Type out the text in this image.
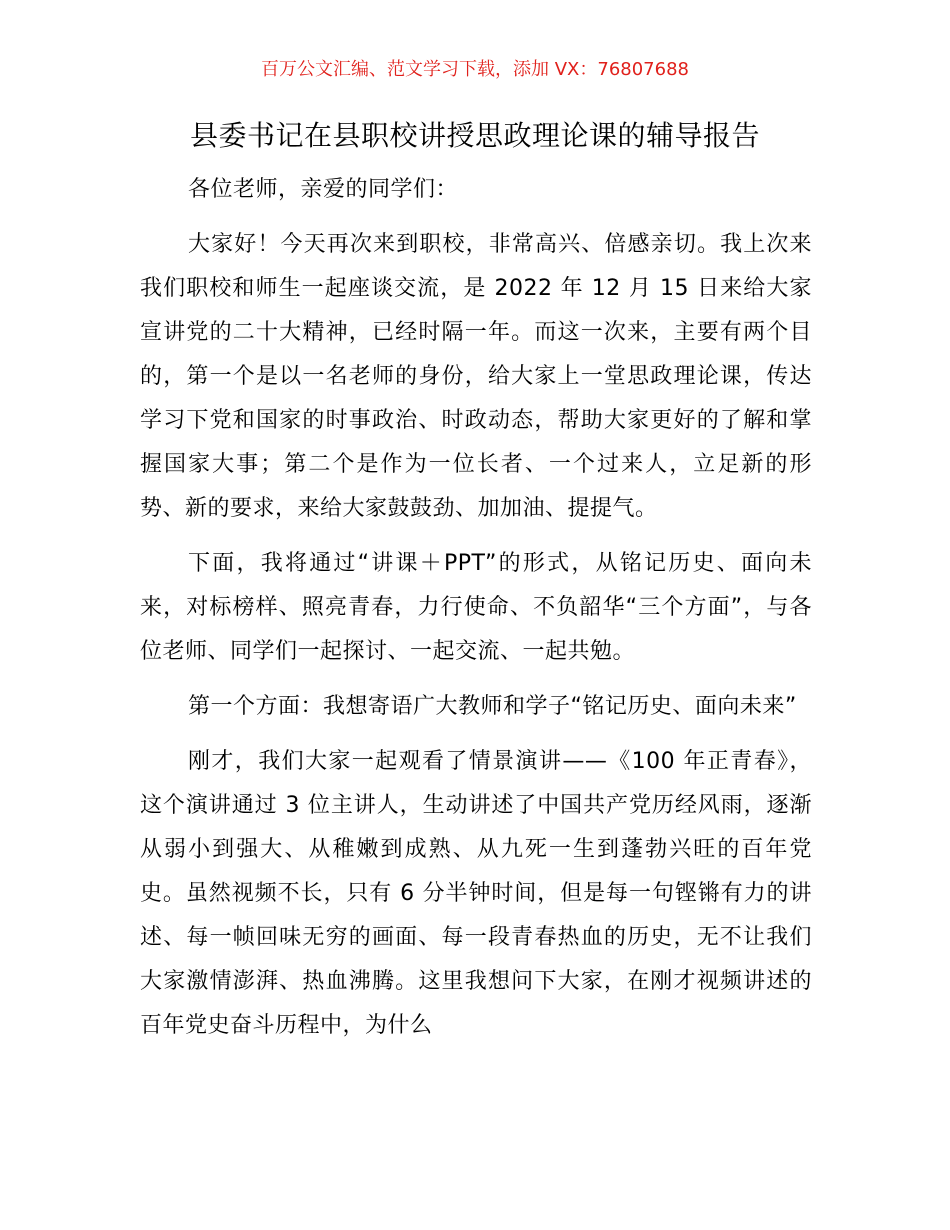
百万公文汇编、范文学习下载，添加 VX：76807688
县委书记在县职校讲授思政理论课的辅导报告

各位老师，亲爱的同学们：

大家好！今天再次来到职校，非常高兴、倍感亲切。我上次来我们职校和师生一起座谈交流，是 2022 年 12 月 15 日来给大家宣讲党的二十大精神，已经时隔一年。而这一次来，主要有两个目的，第一个是以一名老师的身份，给大家上一堂思政理论课，传达学习下党和国家的时事政治、时政动态，帮助大家更好的了解和掌握国家大事；第二个是作为一位长者、一个过来人，立足新的形势、新的要求，来给大家鼓鼓劲、加加油、提提气。

下面，我将通过“讲课＋PPT”的形式，从铭记历史、面向未来，对标榜样、照亮青春，力行使命、不负韶华“三个方面”，与各位老师、同学们一起探讨、一起交流、一起共勉。

第一个方面：我想寄语广大教师和学子“铭记历史、面向未来”

刚才，我们大家一起观看了情景演讲——《100 年正青春》，这个演讲通过 3 位主讲人，生动讲述了中国共产党历经风雨，逐渐从弱小到强大、从稚嫩到成熟、从九死一生到蓬勃兴旺的百年党史。虽然视频不长，只有 6 分半钟时间，但是每一句铿锵有力的讲述、每一帧回味无穷的画面、每一段青春热血的历史，无不让我们大家激情澎湃、热血沸腾。这里我想问下大家，在刚才视频讲述的百年党史奋斗历程中，为什么
